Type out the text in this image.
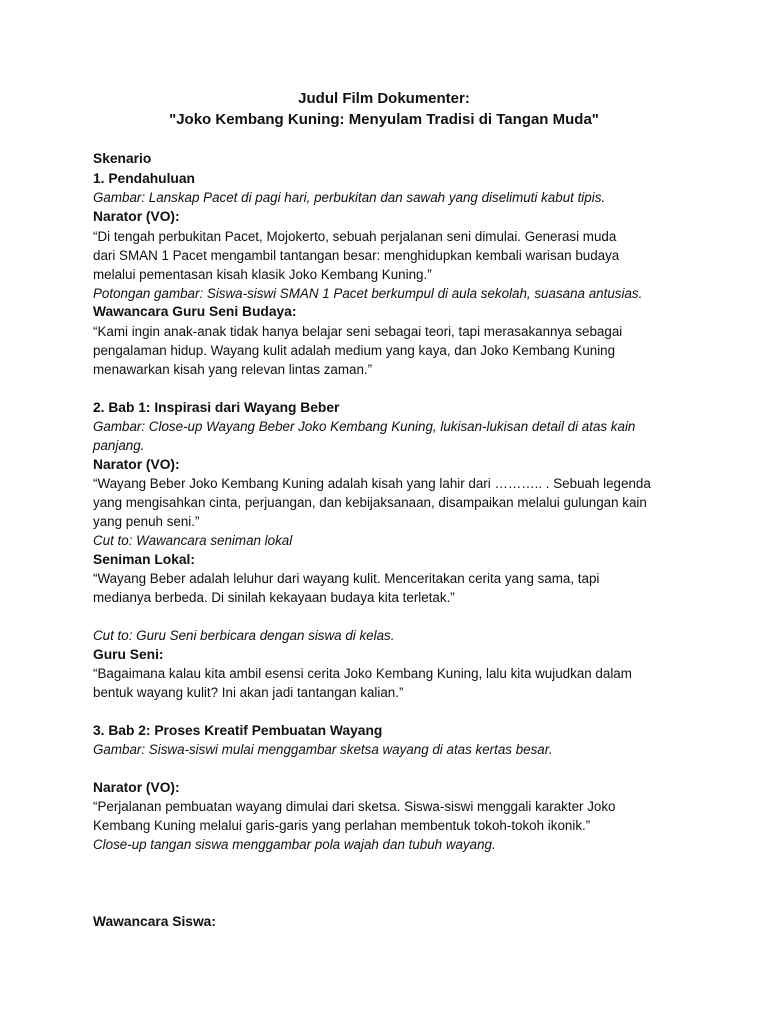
Judul Film Dokumenter:
"Joko Kembang Kuning: Menyulam Tradisi di Tangan Muda"
Skenario
1. Pendahuluan
Gambar: Lanskap Pacet di pagi hari, perbukitan dan sawah yang diselimuti kabut tipis.
Narator (VO):
“Di tengah perbukitan Pacet, Mojokerto, sebuah perjalanan seni dimulai. Generasi muda
dari SMAN 1 Pacet mengambil tantangan besar: menghidupkan kembali warisan budaya
melalui pementasan kisah klasik Joko Kembang Kuning.”
Potongan gambar: Siswa-siswi SMAN 1 Pacet berkumpul di aula sekolah, suasana antusias.
Wawancara Guru Seni Budaya:
“Kami ingin anak-anak tidak hanya belajar seni sebagai teori, tapi merasakannya sebagai
pengalaman hidup. Wayang kulit adalah medium yang kaya, dan Joko Kembang Kuning
menawarkan kisah yang relevan lintas zaman.”
2. Bab 1: Inspirasi dari Wayang Beber
Gambar: Close-up Wayang Beber Joko Kembang Kuning, lukisan-lukisan detail di atas kain
panjang.
Narator (VO):
“Wayang Beber Joko Kembang Kuning adalah kisah yang lahir dari ……….. . Sebuah legenda
yang mengisahkan cinta, perjuangan, dan kebijaksanaan, disampaikan melalui gulungan kain
yang penuh seni.”
Cut to: Wawancara seniman lokal
Seniman Lokal:
“Wayang Beber adalah leluhur dari wayang kulit. Menceritakan cerita yang sama, tapi
medianya berbeda. Di sinilah kekayaan budaya kita terletak.”
Cut to: Guru Seni berbicara dengan siswa di kelas.
Guru Seni:
“Bagaimana kalau kita ambil esensi cerita Joko Kembang Kuning, lalu kita wujudkan dalam
bentuk wayang kulit? Ini akan jadi tantangan kalian.”
3. Bab 2: Proses Kreatif Pembuatan Wayang
Gambar: Siswa-siswi mulai menggambar sketsa wayang di atas kertas besar.
Narator (VO):
“Perjalanan pembuatan wayang dimulai dari sketsa. Siswa-siswi menggali karakter Joko
Kembang Kuning melalui garis-garis yang perlahan membentuk tokoh-tokoh ikonik.”
Close-up tangan siswa menggambar pola wajah dan tubuh wayang.
Wawancara Siswa:
